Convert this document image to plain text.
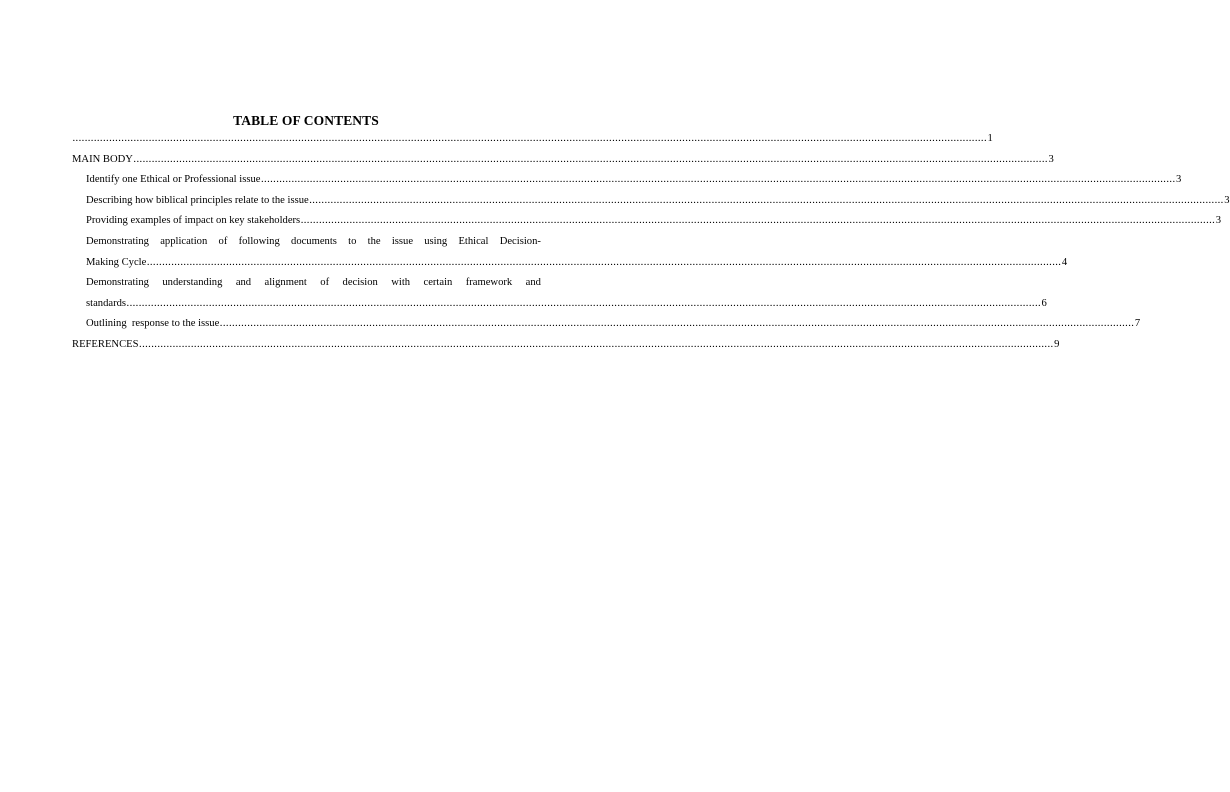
TABLE OF CONTENTS
............................................................................................................................................................................................................................................................................................................ 1
MAIN BODY ............................................................................................................................................................................................................................................................................................................ 3
Identify one Ethical or Professional issue ............................................................................................................................................................................................................................................................................................................ 3
Describing how biblical principles relate to the issue ............................................................................................................................................................................................................................................................................................................ 3
Providing examples of impact on key stakeholders ............................................................................................................................................................................................................................................................................................................ 3
Demonstrating application of following documents to the issue using Ethical Decision-
Making Cycle ............................................................................................................................................................................................................................................................................................................ 4
Demonstrating understanding and alignment of decision with certain framework and
standards ............................................................................................................................................................................................................................................................................................................ 6
Outlining  response to the issue ............................................................................................................................................................................................................................................................................................................ 7
REFERENCES ............................................................................................................................................................................................................................................................................................................ 9
